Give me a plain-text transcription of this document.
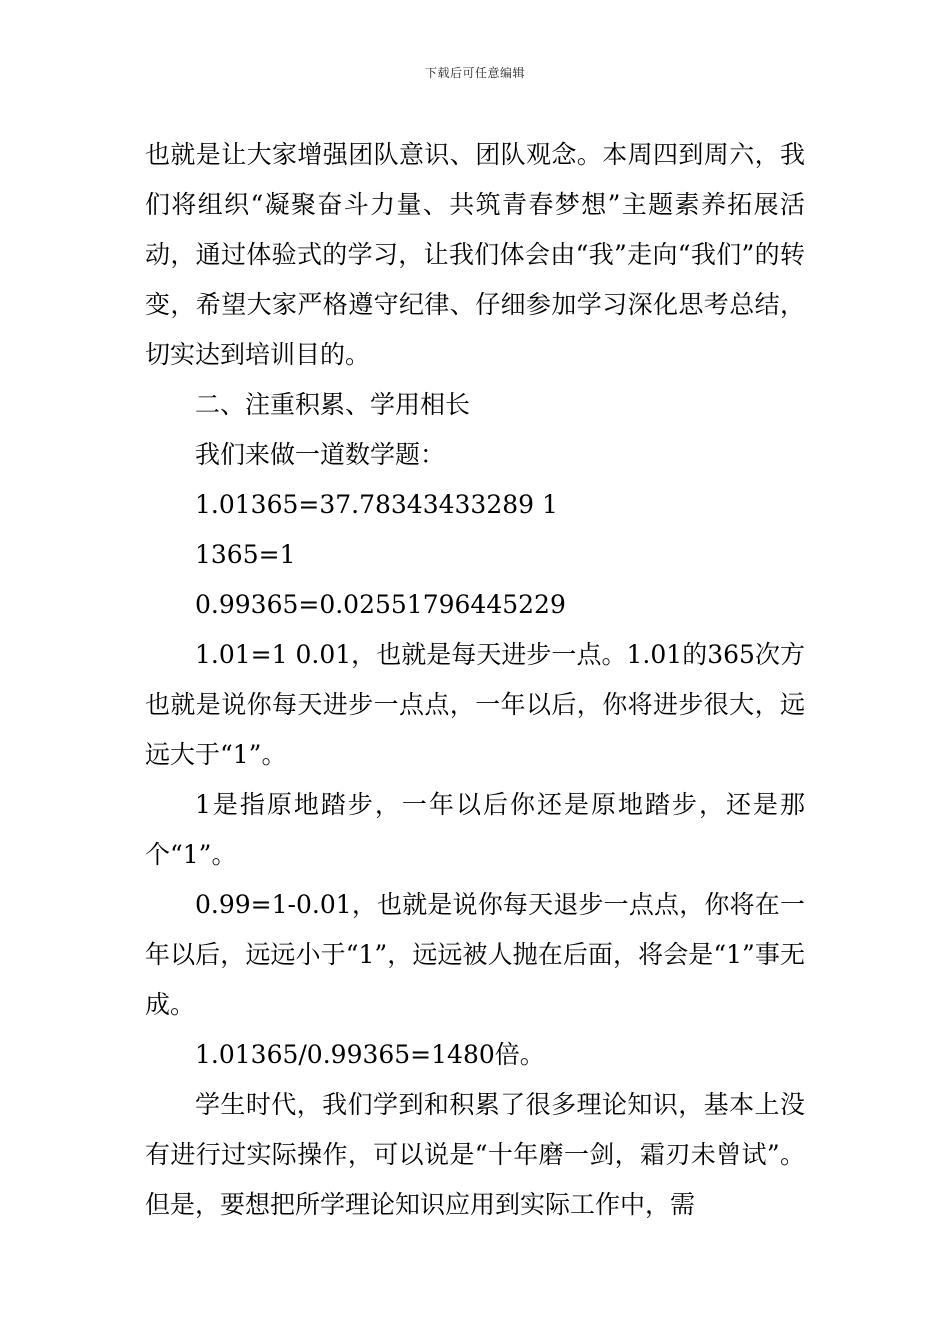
下载后可任意编辑

也就是让大家增强团队意识、团队观念。本周四到周六，我们将组织“凝聚奋斗力量、共筑青春梦想”主题素养拓展活动，通过体验式的学习，让我们体会由“我”走向“我们”的转变，希望大家严格遵守纪律、仔细参加学习深化思考总结，切实达到培训目的。

二、注重积累、学用相长

我们来做一道数学题：

1.01365=37.78343433289 1

1365=1

0.99365=0.02551796445229

1.01=1 0.01，也就是每天进步一点。1.01的365次方也就是说你每天进步一点点，一年以后，你将进步很大，远远大于“1”。

1是指原地踏步，一年以后你还是原地踏步，还是那个“1”。

0.99=1-0.01，也就是说你每天退步一点点，你将在一年以后，远远小于“1”，远远被人抛在后面，将会是“1”事无成。

1.01365/0.99365=1480倍。

学生时代，我们学到和积累了很多理论知识，基本上没有进行过实际操作，可以说是“十年磨一剑，霜刃未曾试”。但是，要想把所学理论知识应用到实际工作中，需
